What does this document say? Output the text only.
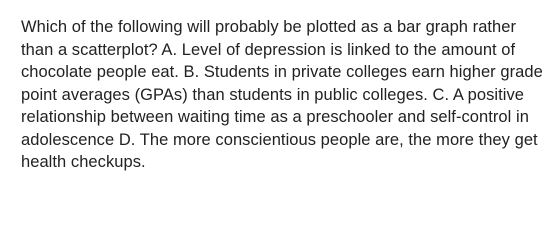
Which of the following will probably be plotted as a bar graph rather than a scatterplot? A. Level of depression is linked to the amount of chocolate people eat. B. Students in private colleges earn higher grade point averages (GPAs) than students in public colleges. C. A positive relationship between waiting time as a preschooler and self-control in adolescence D. The more conscientious people are, the more they get health checkups.
